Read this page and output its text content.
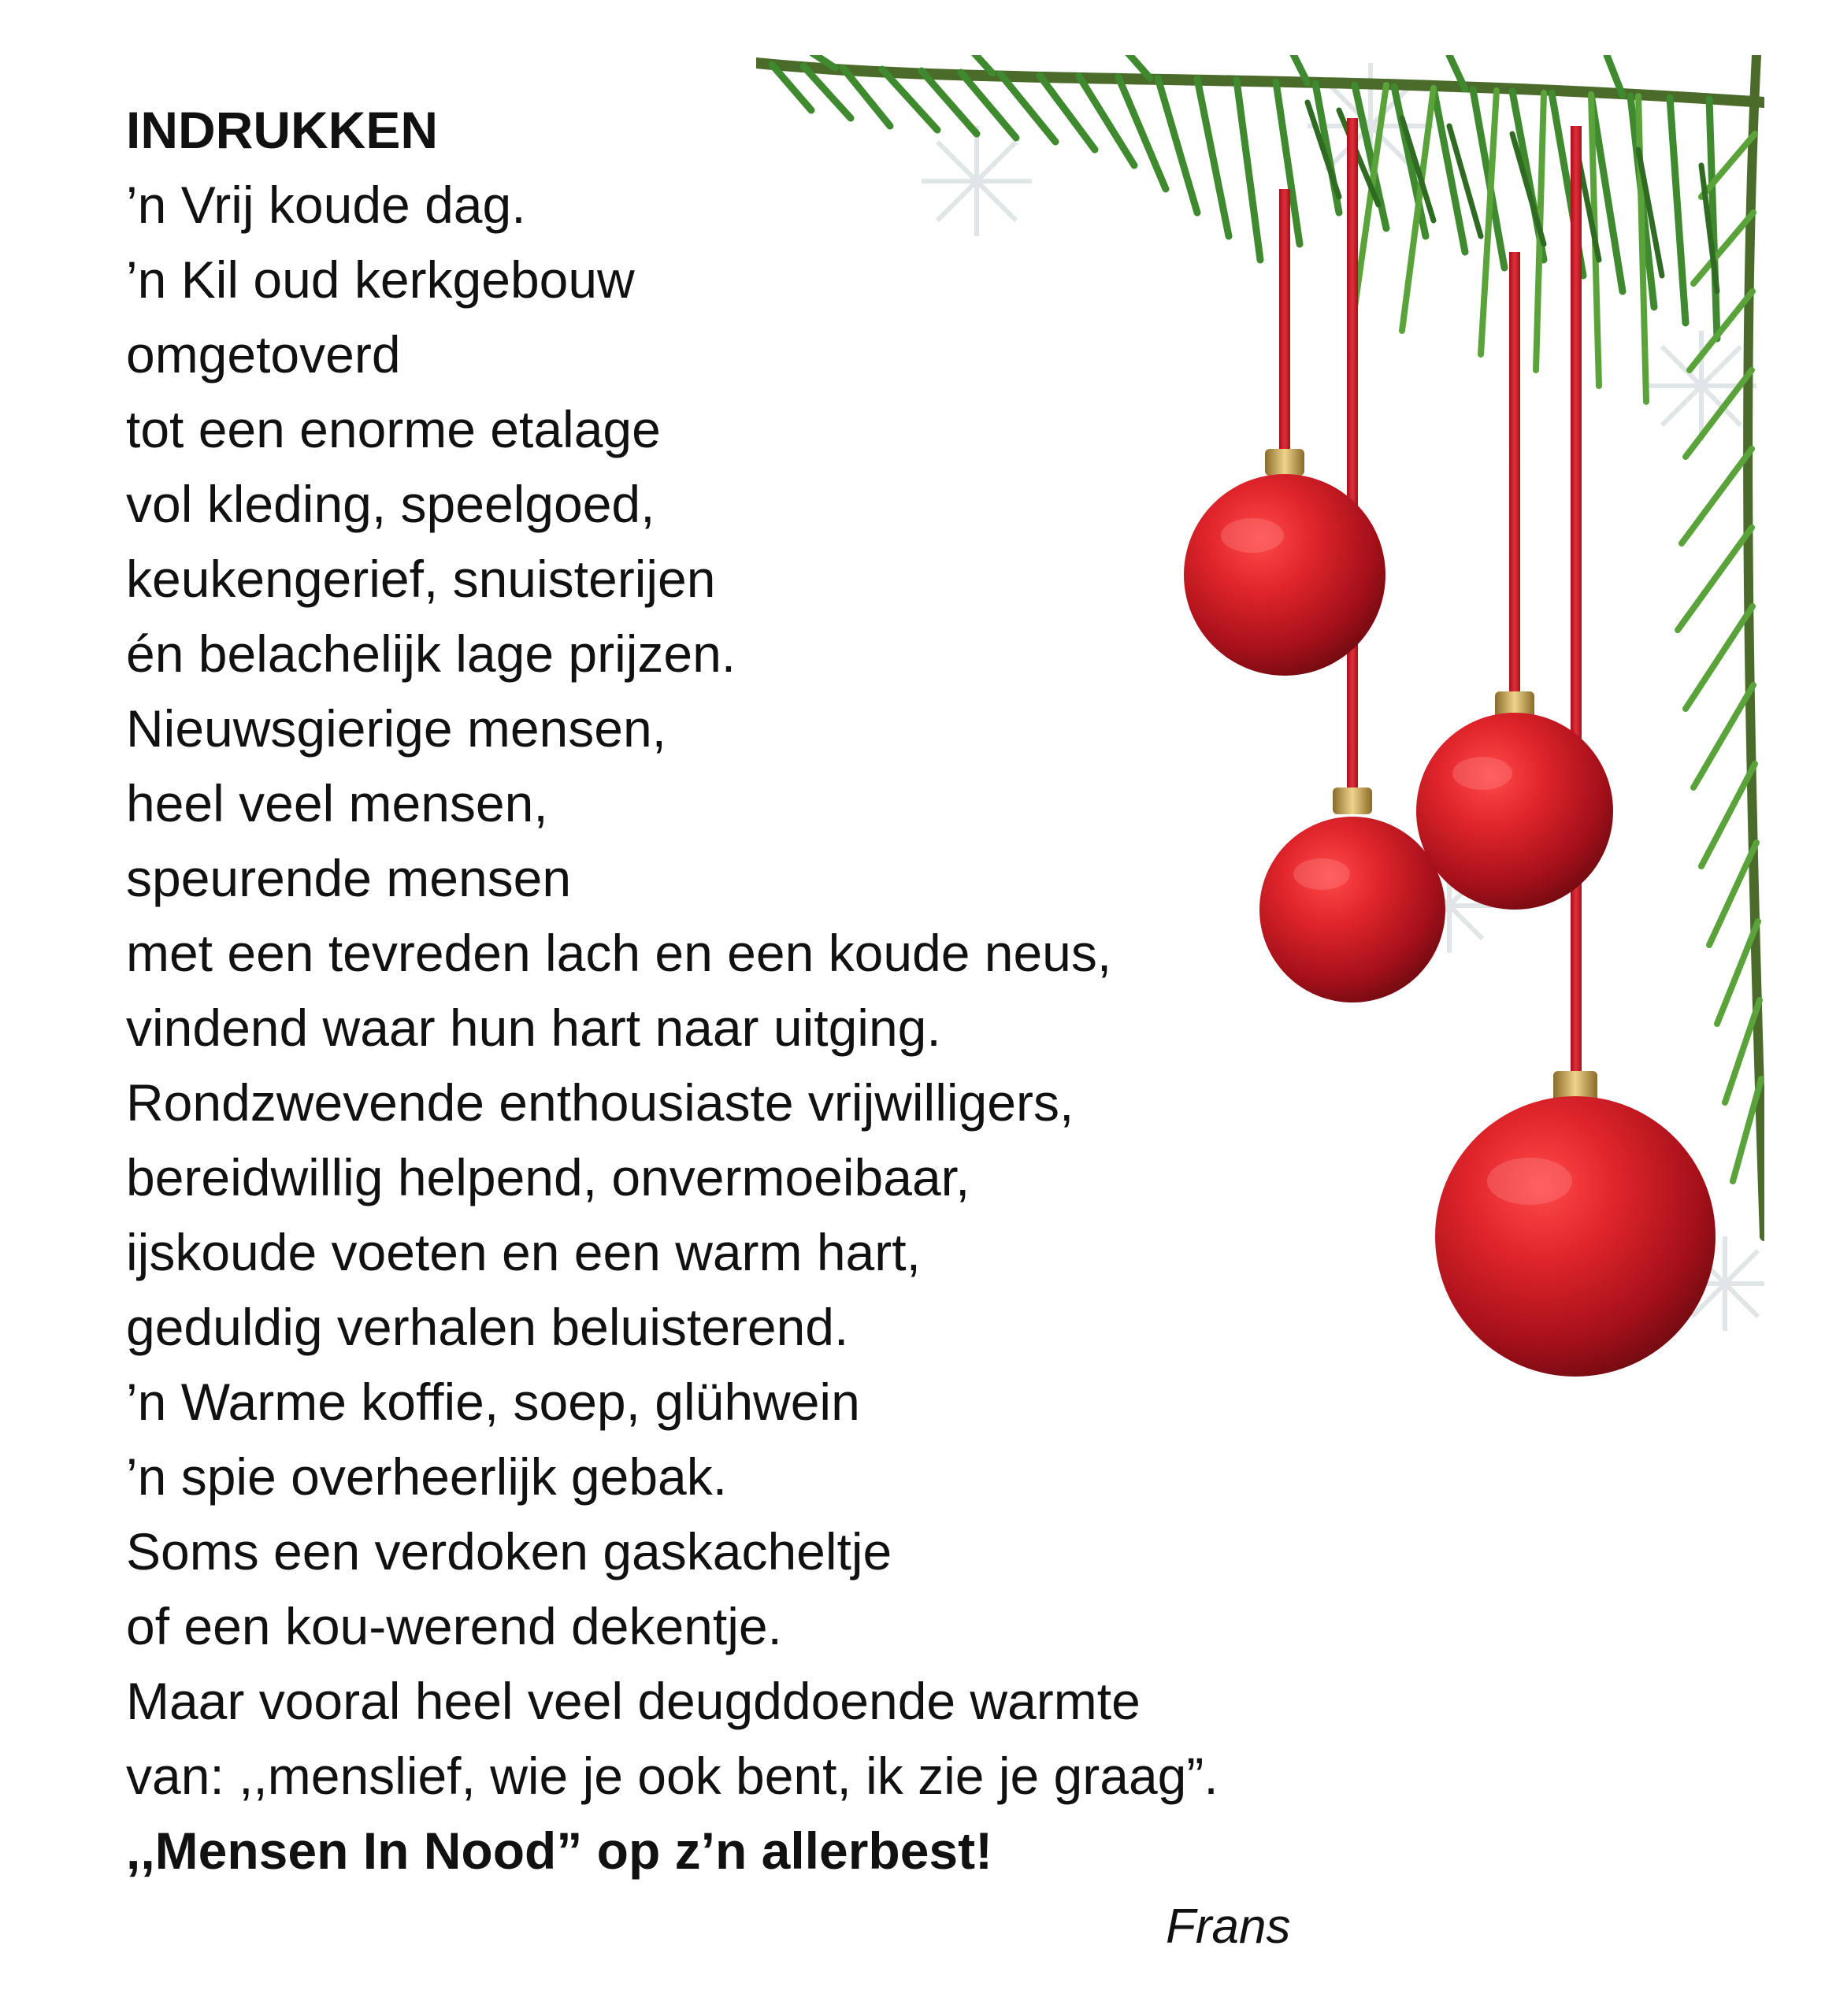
INDRUKKEN
’n Vrij koude dag.
’n Kil oud kerkgebouw
omgetoverd
tot een enorme etalage
vol kleding, speelgoed,
keukengerief, snuisterijen
én belachelijk lage prijzen.
Nieuwsgierige mensen,
heel veel mensen,
speurende mensen
met een tevreden lach en een koude neus,
vindend waar hun hart naar uitging.
Rondzwevende enthousiaste vrijwilligers,
bereidwillig helpend, onvermoeibaar,
ijskoude voeten en een warm hart,
geduldig verhalen beluisterend.
’n Warme koffie, soep, glühwein
’n spie overheerlijk gebak.
Soms een verdoken gaskacheltje
of een kou-werend dekentje.
Maar vooral heel veel deugddoende warmte
van: ,,menslief, wie je ook bent, ik zie je graag”.
,,Mensen In Nood” op z’n allerbest!
Frans
